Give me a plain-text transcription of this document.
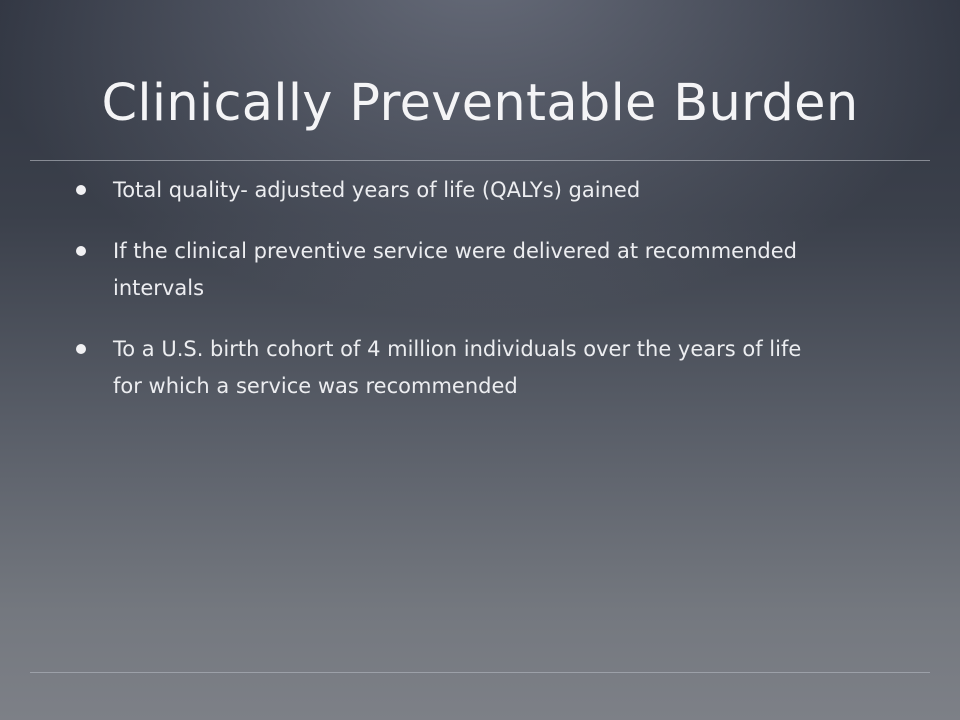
Clinically Preventable Burden
Total quality- adjusted years of life (QALYs) gained
If the clinical preventive service were delivered at recommended intervals
To a U.S. birth cohort of 4 million individuals over the years of life for which a service was recommended
